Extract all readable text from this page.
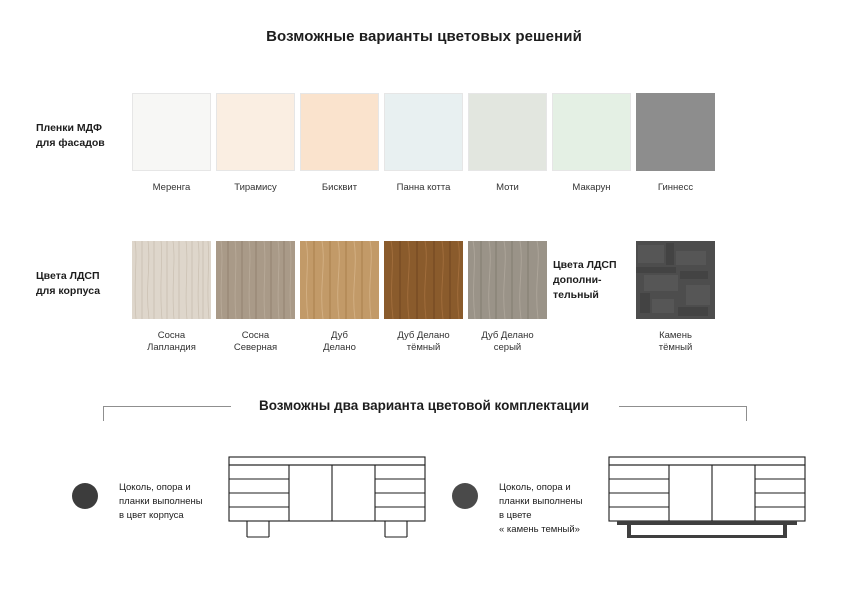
Возможные варианты цветовых решений
Пленки МДФ
для фасадов
Меренга	Тирамису	Бисквит	Панна котта	Моти	Макарун	Гиннесс
Цвета ЛДСП
для корпуса
Сосна
Лапландия
Сосна
Северная
Дуб
Делано
Дуб Делано
тёмный
Дуб Делано
серый
Камень
тёмный
Цвета ЛДСП
дополни-
тельный
Возможны два варианта цветовой комплектации
Цоколь, опора и
планки выполнены
в цвет корпуса
Цоколь, опора и
планки выполнены
в цвете
« камень темный»
